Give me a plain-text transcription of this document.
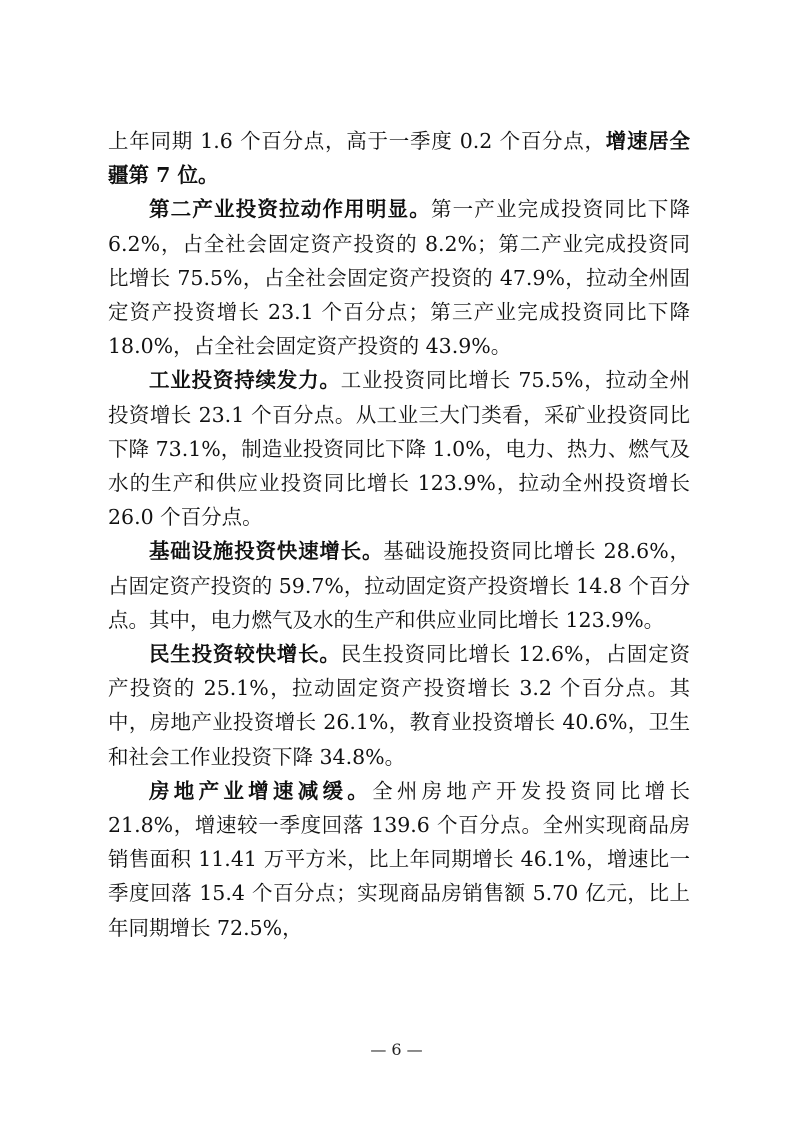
上年同期 1.6 个百分点，高于一季度 0.2 个百分点，增速居全疆第 7 位。

第二产业投资拉动作用明显。第一产业完成投资同比下降 6.2%，占全社会固定资产投资的 8.2%；第二产业完成投资同比增长 75.5%，占全社会固定资产投资的 47.9%，拉动全州固定资产投资增长 23.1 个百分点；第三产业完成投资同比下降 18.0%，占全社会固定资产投资的 43.9%。

工业投资持续发力。工业投资同比增长 75.5%，拉动全州投资增长 23.1 个百分点。从工业三大门类看，采矿业投资同比下降 73.1%，制造业投资同比下降 1.0%，电力、热力、燃气及水的生产和供应业投资同比增长 123.9%，拉动全州投资增长 26.0 个百分点。

基础设施投资快速增长。基础设施投资同比增长 28.6%，占固定资产投资的 59.7%，拉动固定资产投资增长 14.8 个百分点。其中，电力燃气及水的生产和供应业同比增长 123.9%。

民生投资较快增长。民生投资同比增长 12.6%，占固定资产投资的 25.1%，拉动固定资产投资增长 3.2 个百分点。其中，房地产业投资增长 26.1%，教育业投资增长 40.6%，卫生和社会工作业投资下降 34.8%。

房地产业增速减缓。全州房地产开发投资同比增长 21.8%，增速较一季度回落 139.6 个百分点。全州实现商品房销售面积 11.41 万平方米，比上年同期增长 46.1%，增速比一季度回落 15.4 个百分点；实现商品房销售额 5.70 亿元，比上年同期增长 72.5%，

— 6 —
